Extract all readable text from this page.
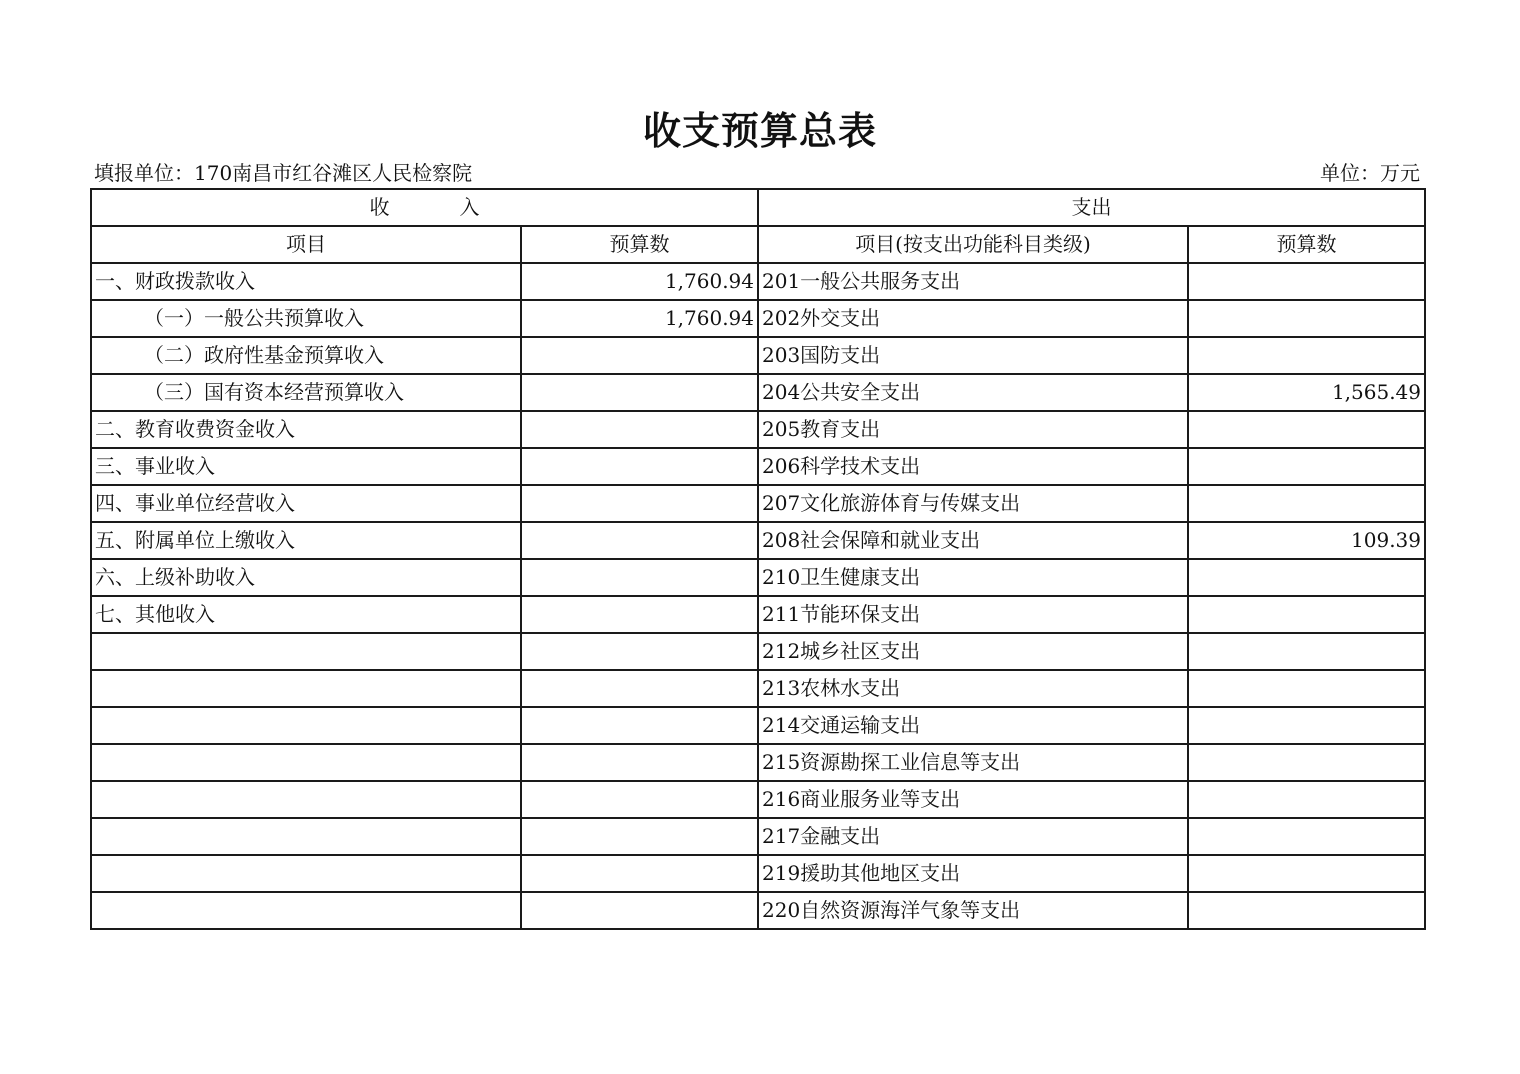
收支预算总表
填报单位：170南昌市红谷滩区人民检察院	单位：万元
收 入		支出	
项目	预算数	项目(按支出功能科目类级)	预算数
一、财政拨款收入	1,760.94	201一般公共服务支出	
（一）一般公共预算收入	1,760.94	202外交支出	
（二）政府性基金预算收入		203国防支出	
（三）国有资本经营预算收入		204公共安全支出	1,565.49
二、教育收费资金收入		205教育支出	
三、事业收入		206科学技术支出	
四、事业单位经营收入		207文化旅游体育与传媒支出	
五、附属单位上缴收入		208社会保障和就业支出	109.39
六、上级补助收入		210卫生健康支出	
七、其他收入		211节能环保支出	
		212城乡社区支出	
		213农林水支出	
		214交通运输支出	
		215资源勘探工业信息等支出	
		216商业服务业等支出	
		217金融支出	
		219援助其他地区支出	
		220自然资源海洋气象等支出	
